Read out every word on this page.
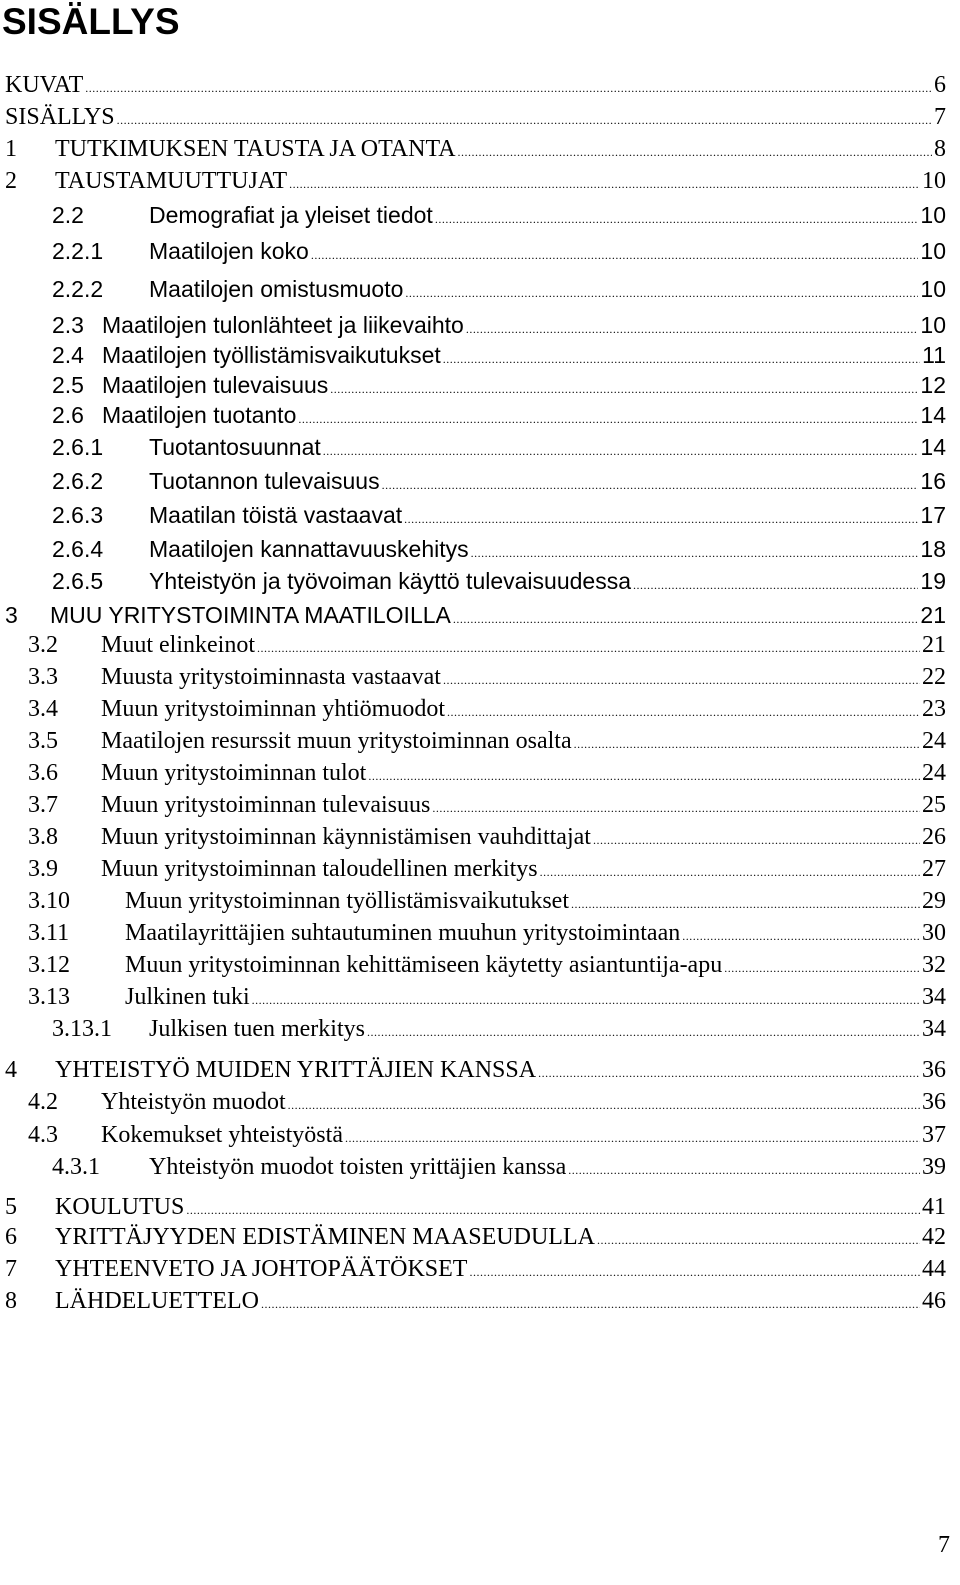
SISÄLLYS
KUVAT .....	6
SISÄLLYS .....	7
1	TUTKIMUKSEN TAUSTA JA OTANTA .....	8
2	TAUSTAMUUTTUJAT .....	10
2.2	Demografiat ja yleiset tiedot .....	10
2.2.1	Maatilojen koko .....	10
2.2.2	Maatilojen omistusmuoto .....	10
2.3 Maatilojen tulonlähteet ja liikevaihto .....	10
2.4 Maatilojen työllistämisvaikutukset .....	11
2.5 Maatilojen tulevaisuus .....	12
2.6 Maatilojen tuotanto .....	14
2.6.1	Tuotantosuunnat .....	14
2.6.2	Tuotannon tulevaisuus .....	16
2.6.3	Maatilan töistä vastaavat .....	17
2.6.4	Maatilojen kannattavuuskehitys .....	18
2.6.5	Yhteistyön ja työvoiman käyttö tulevaisuudessa .....	19
3	MUU YRITYSTOIMINTA MAATILOILLA .....	21
3.2	Muut elinkeinot .....	21
3.3	Muusta yritystoiminnasta vastaavat .....	22
3.4	Muun yritystoiminnan yhtiömuodot .....	23
3.5	Maatilojen resurssit muun yritystoiminnan osalta .....	24
3.6	Muun yritystoiminnan tulot .....	24
3.7	Muun yritystoiminnan tulevaisuus .....	25
3.8	Muun yritystoiminnan käynnistämisen vauhdittajat .....	26
3.9	Muun yritystoiminnan taloudellinen merkitys .....	27
3.10	Muun yritystoiminnan työllistämisvaikutukset .....	29
3.11	Maatilayrittäjien suhtautuminen muuhun yritystoimintaan .....	30
3.12	Muun yritystoiminnan kehittämiseen käytetty asiantuntija-apu .....	32
3.13	Julkinen tuki .....	34
3.13.1	Julkisen tuen merkitys .....	34
4	YHTEISTYÖ MUIDEN YRITTÄJIEN KANSSA .....	36
4.2	Yhteistyön muodot .....	36
4.3	Kokemukset yhteistyöstä .....	37
4.3.1	Yhteistyön muodot toisten yrittäjien kanssa .....	39
5	KOULUTUS .....	41
6	YRITTÄJYYDEN EDISTÄMINEN MAASEUDULLA .....	42
7	YHTEENVETO JA JOHTOPÄÄTÖKSET .....	44
8	LÄHDELUETTELO .....	46
7
